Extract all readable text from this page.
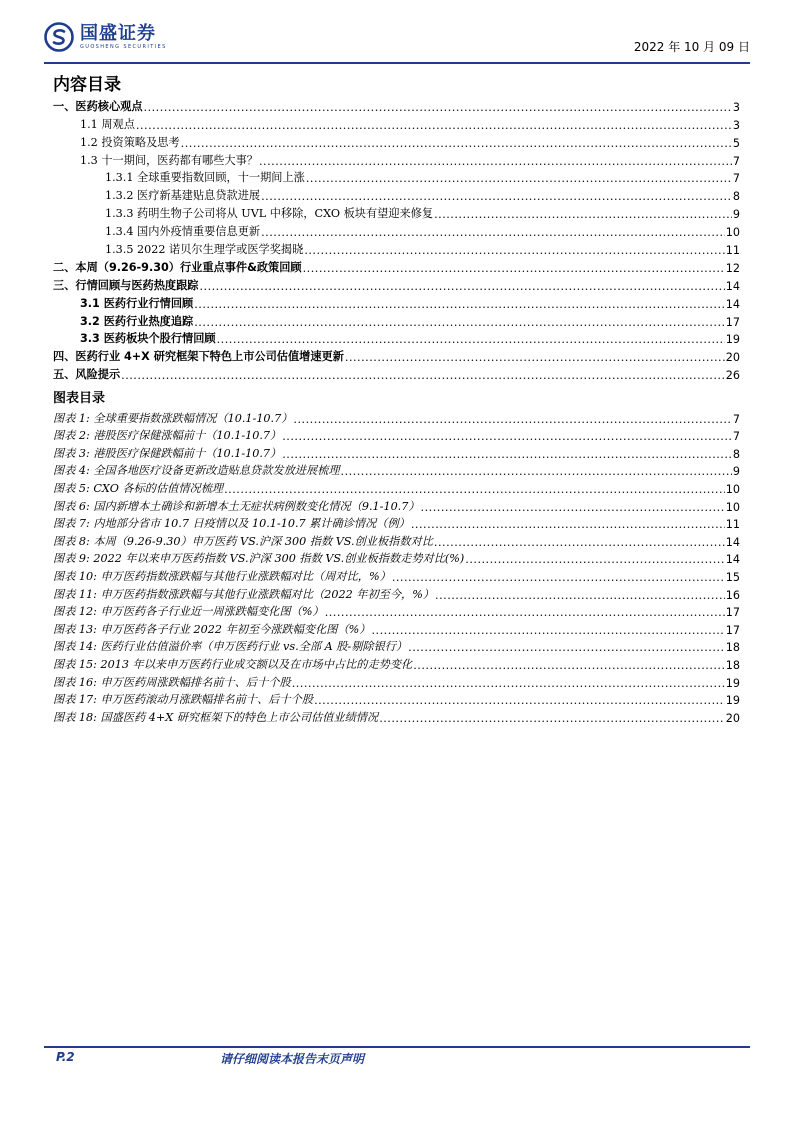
国盛证券
GUOSHENG SECURITIES	2022 年 10 月 09 日
内容目录
一、医药核心观点 .....	3
1.1 周观点 .....	3
1.2 投资策略及思考 .....	5
1.3 十一期间，医药都有哪些大事？ .....	7
1.3.1 全球重要指数回顾，十一期间上涨 .....	7
1.3.2 医疗新基建贴息贷款进展 .....	8
1.3.3 药明生物子公司将从 UVL 中移除，CXO 板块有望迎来修复 .....	9
1.3.4 国内外疫情重要信息更新 .....	10
1.3.5 2022 诺贝尔生理学或医学奖揭晓 .....	11
二、本周（9.26-9.30）行业重点事件&政策回顾 .....	12
三、行情回顾与医药热度跟踪 .....	14
3.1 医药行业行情回顾 .....	14
3.2 医药行业热度追踪 .....	17
3.3 医药板块个股行情回顾 .....	19
四、医药行业 4+X 研究框架下特色上市公司估值增速更新 .....	20
五、风险提示 .....	26
图表目录
图表 1: 全球重要指数涨跌幅情况（10.1-10.7） .....	7
图表 2: 港股医疗保健涨幅前十（10.1-10.7） .....	7
图表 3: 港股医疗保健跌幅前十（10.1-10.7） .....	8
图表 4: 全国各地医疗设备更新改造贴息贷款发放进展梳理 .....	9
图表 5: CXO 各标的估值情况梳理 .....	10
图表 6: 国内新增本土确诊和新增本土无症状病例数变化情况（9.1-10.7） .....	10
图表 7: 内地部分省市 10.7 日疫情以及 10.1-10.7 累计确诊情况（例） .....	11
图表 8: 本周（9.26-9.30）申万医药 VS.沪深 300 指数 VS.创业板指数对比 .....	14
图表 9: 2022 年以来申万医药指数 VS.沪深 300 指数 VS.创业板指数走势对比(%) .....	14
图表 10: 申万医药指数涨跌幅与其他行业涨跌幅对比（周对比，%） .....	15
图表 11: 申万医药指数涨跌幅与其他行业涨跌幅对比（2022 年初至今，%） .....	16
图表 12: 申万医药各子行业近一周涨跌幅变化图（%） .....	17
图表 13: 申万医药各子行业 2022 年初至今涨跌幅变化图（%） .....	17
图表 14: 医药行业估值溢价率（申万医药行业 vs.全部 A 股-剔除银行） .....	18
图表 15: 2013 年以来申万医药行业成交额以及在市场中占比的走势变化 .....	18
图表 16: 申万医药周涨跌幅排名前十、后十个股 .....	19
图表 17: 申万医药滚动月涨跌幅排名前十、后十个股 .....	19
图表 18: 国盛医药 4+X 研究框架下的特色上市公司估值业绩情况 .....	20
P.2	请仔细阅读本报告末页声明
